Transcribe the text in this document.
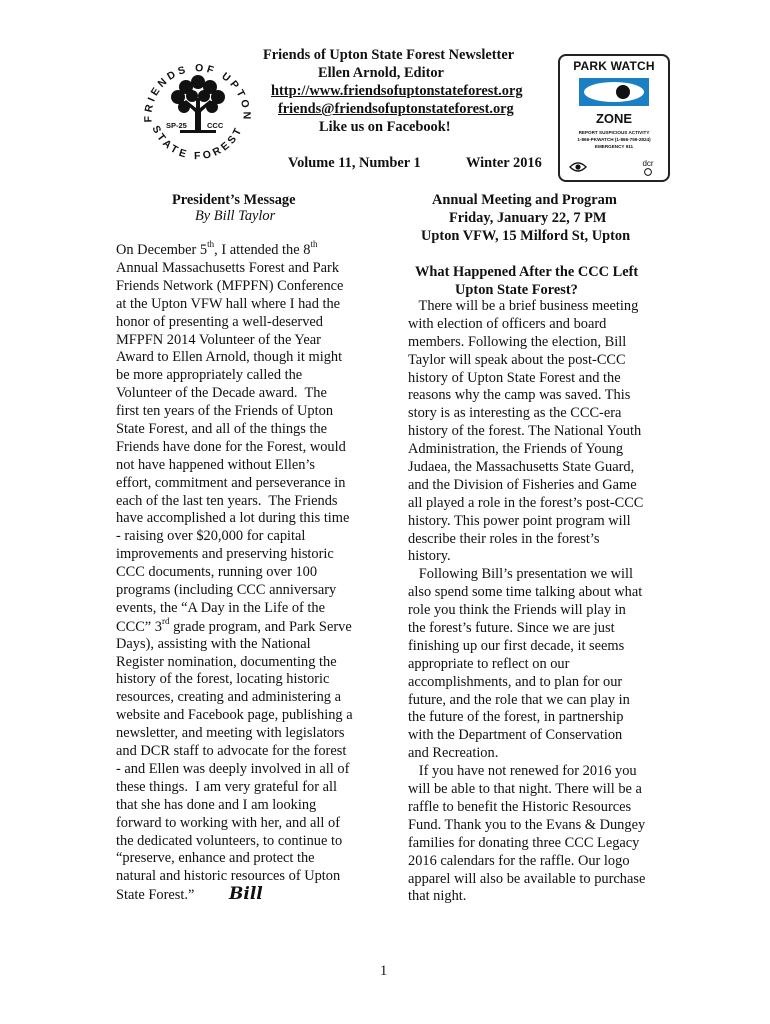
FRIENDS OF UPTON
STATE FOREST
SP-25	CCC
Friends of Upton State Forest Newsletter
Ellen Arnold, Editor
http://www.friendsofuptonstateforest.org
friends@friendsofuptonstateforest.org
Like us on Facebook!
Volume 11, Number 1	Winter 2016
PARK WATCH
ZONE
REPORT SUSPICIOUS ACTIVITY
1-866-PKWATCH (1-866-759-2824)
EMERGENCY 911
dcr
President’s Message
By Bill Taylor
On December 5th, I attended the 8th
Annual Massachusetts Forest and Park
Friends Network (MFPFN) Conference
at the Upton VFW hall where I had the
honor of presenting a well-deserved
MFPFN 2014 Volunteer of the Year
Award to Ellen Arnold, though it might
be more appropriately called the
Volunteer of the Decade award.  The
first ten years of the Friends of Upton
State Forest, and all of the things the
Friends have done for the Forest, would
not have happened without Ellen’s
effort, commitment and perseverance in
each of the last ten years.  The Friends
have accomplished a lot during this time
- raising over $20,000 for capital
improvements and preserving historic
CCC documents, running over 100
programs (including CCC anniversary
events, the “A Day in the Life of the
Days), assisting with the National
Register nomination, documenting the
history of the forest, locating historic
resources, creating and administering a
website and Facebook page, publishing a
newsletter, and meeting with legislators
and DCR staff to advocate for the forest
- and Ellen was deeply involved in all of
these things.  I am very grateful for all
that she has done and I am looking
forward to working with her, and all of
the dedicated volunteers, to continue to
“preserve, enhance and protect the
natural and historic resources of Upton
CCC” 3rd grade program, and Park Serve
State Forest.” Bill
Annual Meeting and Program
Friday, January 22, 7 PM
Upton VFW, 15 Milford St, Upton
What Happened After the CCC Left
Upton State Forest?
There will be a brief business meeting
with election of officers and board
members. Following the election, Bill
Taylor will speak about the post-CCC
history of Upton State Forest and the
reasons why the camp was saved. This
story is as interesting as the CCC-era
history of the forest. The National Youth
Administration, the Friends of Young
Judaea, the Massachusetts State Guard,
and the Division of Fisheries and Game
all played a role in the forest’s post-CCC
history. This power point program will
describe their roles in the forest’s
history.
Following Bill’s presentation we will
also spend some time talking about what
role you think the Friends will play in
the forest’s future. Since we are just
finishing up our first decade, it seems
appropriate to reflect on our
accomplishments, and to plan for our
future, and the role that we can play in
the future of the forest, in partnership
with the Department of Conservation
and Recreation.
If you have not renewed for 2016 you
will be able to that night. There will be a
raffle to benefit the Historic Resources
Fund. Thank you to the Evans & Dungey
families for donating three CCC Legacy
2016 calendars for the raffle. Our logo
apparel will also be available to purchase
that night.
1
